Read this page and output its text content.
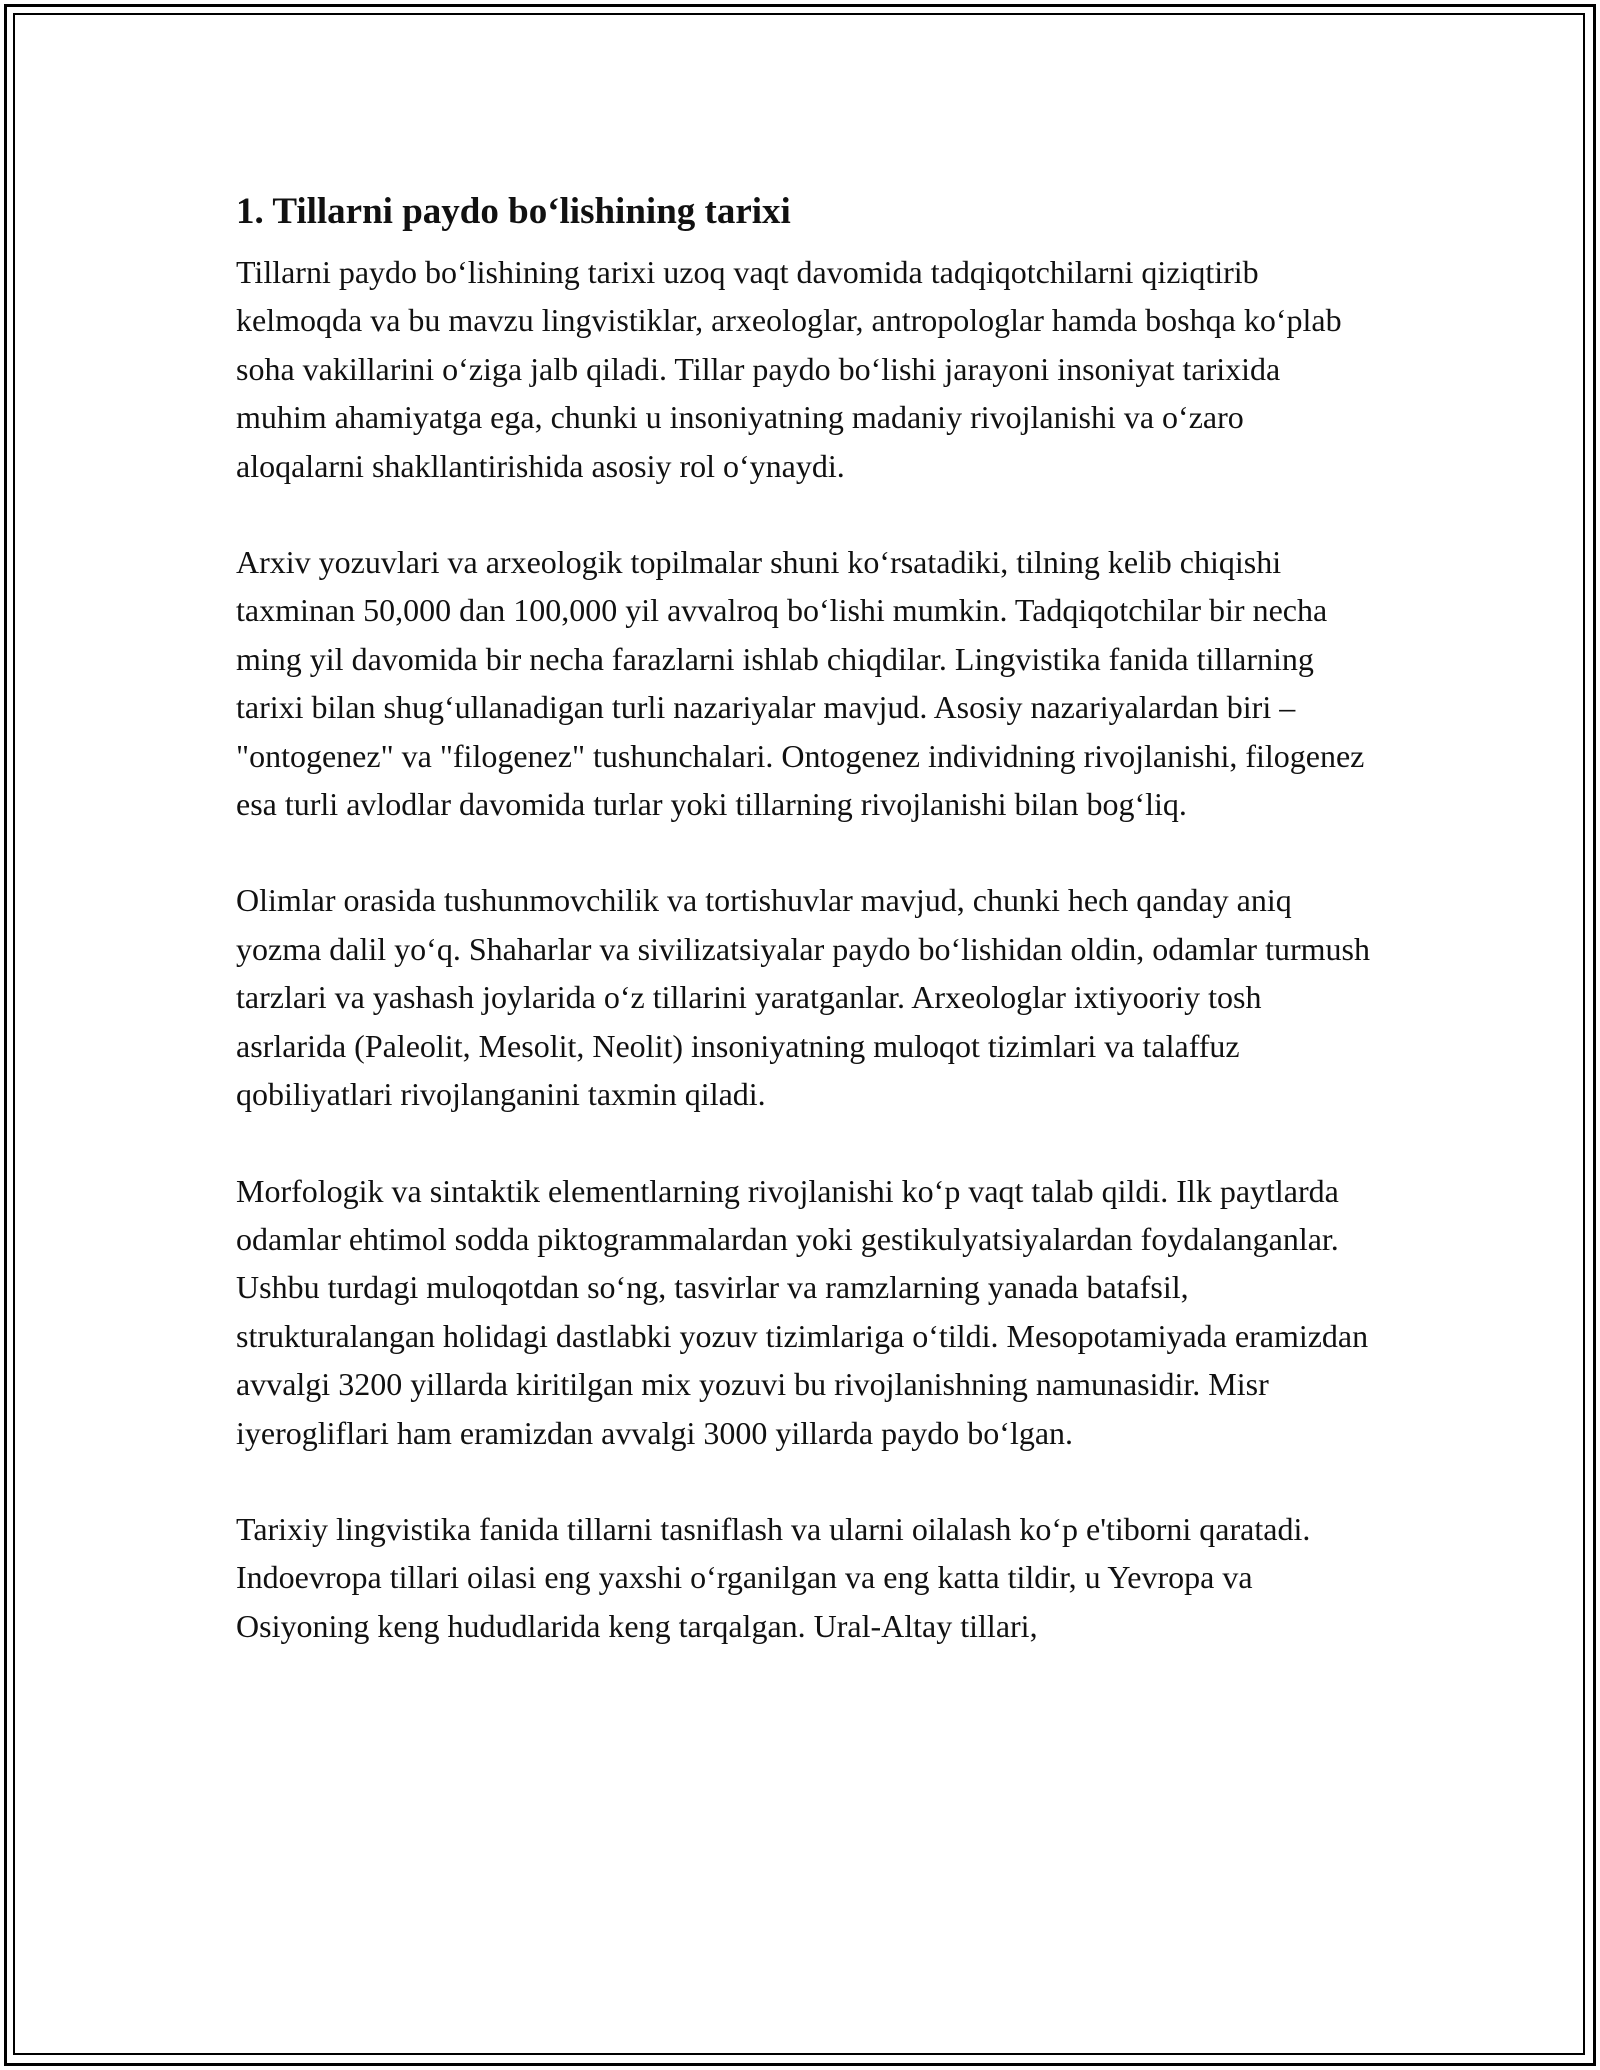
1. Tillarni paydo bo‘lishining tarixi

Tillarni paydo bo‘lishining tarixi uzoq vaqt davomida tadqiqotchilarni qiziqtirib kelmoqda va bu mavzu lingvistiklar, arxeologlar, antropologlar hamda boshqa ko‘plab soha vakillarini o‘ziga jalb qiladi. Tillar paydo bo‘lishi jarayoni insoniyat tarixida muhim ahamiyatga ega, chunki u insoniyatning madaniy rivojlanishi va o‘zaro aloqalarni shakllantirishida asosiy rol o‘ynaydi.

Arxiv yozuvlari va arxeologik topilmalar shuni ko‘rsatadiki, tilning kelib chiqishi taxminan 50,000 dan 100,000 yil avvalroq bo‘lishi mumkin. Tadqiqotchilar bir necha ming yil davomida bir necha farazlarni ishlab chiqdilar. Lingvistika fanida tillarning tarixi bilan shug‘ullanadigan turli nazariyalar mavjud. Asosiy nazariyalardan biri – "ontogenez" va "filogenez" tushunchalari. Ontogenez individning rivojlanishi, filogenez esa turli avlodlar davomida turlar yoki tillarning rivojlanishi bilan bog‘liq.

Olimlar orasida tushunmovchilik va tortishuvlar mavjud, chunki hech qanday aniq yozma dalil yo‘q. Shaharlar va sivilizatsiyalar paydo bo‘lishidan oldin, odamlar turmush tarzlari va yashash joylarida o‘z tillarini yaratganlar. Arxeologlar ixtiyooriy tosh asrlarida (Paleolit, Mesolit, Neolit) insoniyatning muloqot tizimlari va talaffuz qobiliyatlari rivojlanganini taxmin qiladi.

Morfologik va sintaktik elementlarning rivojlanishi ko‘p vaqt talab qildi. Ilk paytlarda odamlar ehtimol sodda piktogrammalardan yoki gestikulyatsiyalardan foydalanganlar. Ushbu turdagi muloqotdan so‘ng, tasvirlar va ramzlarning yanada batafsil, strukturalangan holidagi dastlabki yozuv tizimlariga o‘tildi. Mesopotamiyada eramizdan avvalgi 3200 yillarda kiritilgan mix yozuvi bu rivojlanishning namunasidir. Misr iyerogliflari ham eramizdan avvalgi 3000 yillarda paydo bo‘lgan.

Tarixiy lingvistika fanida tillarni tasniflash va ularni oilalash ko‘p e'tiborni qaratadi. Indoevropa tillari oilasi eng yaxshi o‘rganilgan va eng katta tildir, u Yevropa va Osiyoning keng hududlarida keng tarqalgan. Ural-Altay tillari,
